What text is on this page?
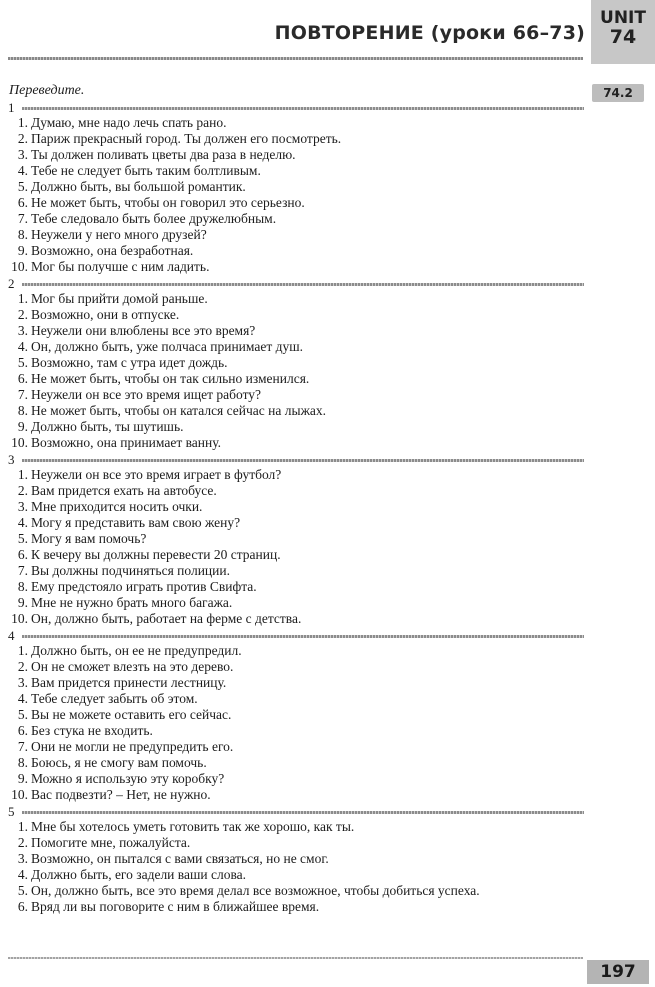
ПОВТОРЕНИЕ (уроки 66–73)
UNIT
74
74.2
Переведите.
1
1. Думаю, мне надо лечь спать рано.
2. Париж прекрасный город. Ты должен его посмотреть.
3. Ты должен поливать цветы два раза в неделю.
4. Тебе не следует быть таким болтливым.
5. Должно быть, вы большой романтик.
6. Не может быть, чтобы он говорил это серьезно.
7. Тебе следовало быть более дружелюбным.
8. Неужели у него много друзей?
9. Возможно, она безработная.
10. Мог бы получше с ним ладить.
2
1. Мог бы прийти домой раньше.
2. Возможно, они в отпуске.
3. Неужели они влюблены все это время?
4. Он, должно быть, уже полчаса принимает душ.
5. Возможно, там с утра идет дождь.
6. Не может быть, чтобы он так сильно изменился.
7. Неужели он все это время ищет работу?
8. Не может быть, чтобы он катался сейчас на лыжах.
9. Должно быть, ты шутишь.
10. Возможно, она принимает ванну.
3
1. Неужели он все это время играет в футбол?
2. Вам придется ехать на автобусе.
3. Мне приходится носить очки.
4. Могу я представить вам свою жену?
5. Могу я вам помочь?
6. К вечеру вы должны перевести 20 страниц.
7. Вы должны подчиняться полиции.
8. Ему предстояло играть против Свифта.
9. Мне не нужно брать много багажа.
10. Он, должно быть, работает на ферме с детства.
4
1. Должно быть, он ее не предупредил.
2. Он не сможет влезть на это дерево.
3. Вам придется принести лестницу.
4. Тебе следует забыть об этом.
5. Вы не можете оставить его сейчас.
6. Без стука не входить.
7. Они не могли не предупредить его.
8. Боюсь, я не смогу вам помочь.
9. Можно я использую эту коробку?
10. Вас подвезти? – Нет, не нужно.
5
1. Мне бы хотелось уметь готовить так же хорошо, как ты.
2. Помогите мне, пожалуйста.
3. Возможно, он пытался с вами связаться, но не смог.
4. Должно быть, его задели ваши слова.
5. Он, должно быть, все это время делал все возможное, чтобы добиться успеха.
6. Вряд ли вы поговорите с ним в ближайшее время.
197
